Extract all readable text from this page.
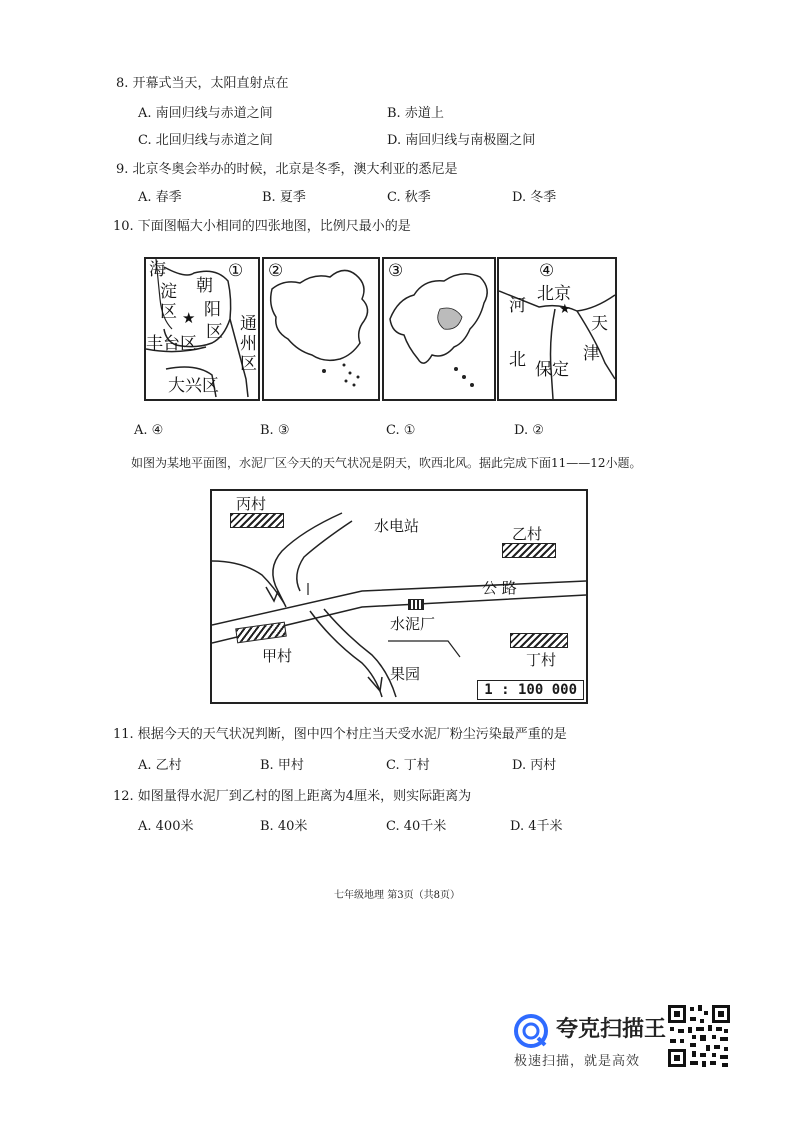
8. 开幕式当天，太阳直射点在
A. 南回归线与赤道之间	B. 赤道上
C. 北回归线与赤道之间	D. 南回归线与南极圈之间
9. 北京冬奥会举办的时候，北京是冬季，澳大利亚的悉尼是
A. 春季	B. 夏季	C. 秋季	D. 冬季
10. 下面图幅大小相同的四张地图，比例尺最小的是
①
海
淀
区
朝
阳
区 通
州
区
丰台区
大兴区
★
②	③	④
北京
★
河
北
天
津
保定
A. ④	B. ③	C. ①	D. ②
如图为某地平面图，水泥厂区今天的天气状况是阴天，吹西北风。据此完成下面11——12小题。

丙村
水电站	乙村
公 路
水泥厂
甲村	丁村
果园
1 : 100 000
11. 根据今天的天气状况判断，图中四个村庄当天受水泥厂粉尘污染最严重的是
A. 乙村	B. 甲村	C. 丁村	D. 丙村
12. 如图量得水泥厂到乙村的图上距离为4厘米，则实际距离为
A. 400米	B. 40米	C. 40千米	D. 4千米
七年级地理 第3页（共8页）
夸克扫描王
极速扫描，就是高效
